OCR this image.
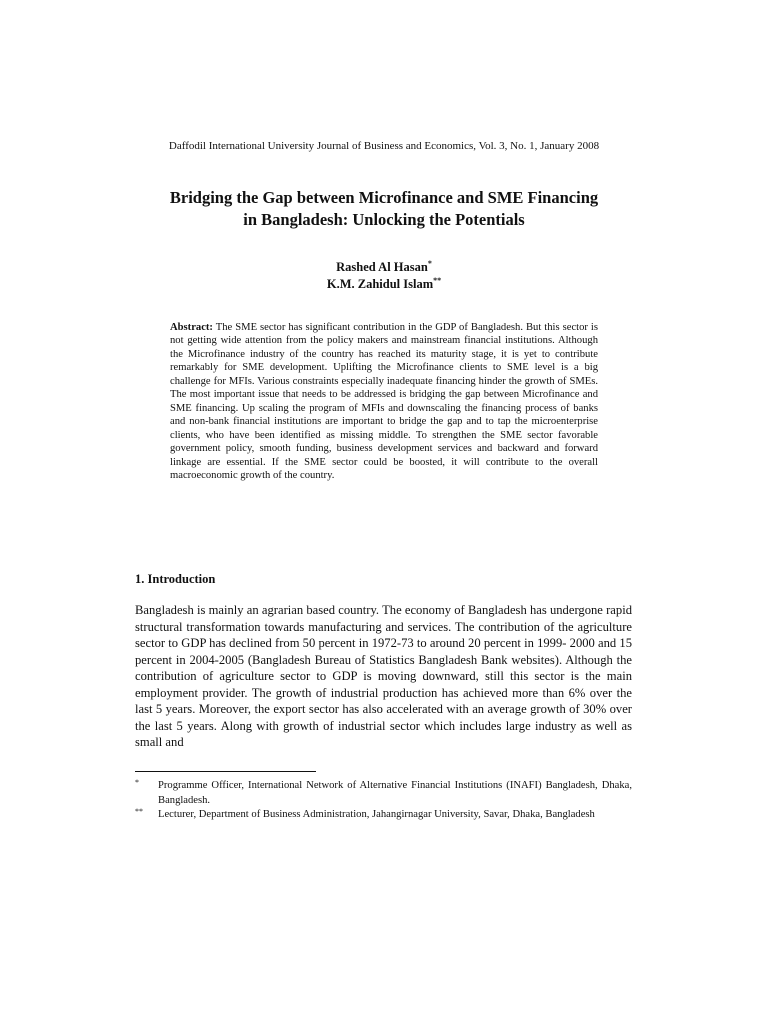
Daffodil International University Journal of Business and Economics, Vol. 3, No. 1, January 2008
Bridging the Gap between Microfinance and SME Financing
in Bangladesh: Unlocking the Potentials
Rashed Al Hasan*
K.M. Zahidul Islam**
Abstract: The SME sector has significant contribution in the GDP of Bangladesh. But this sector is not getting wide attention from the policy makers and mainstream financial institutions. Although the Microfinance industry of the country has reached its maturity stage, it is yet to contribute remarkably for SME development. Uplifting the Microfinance clients to SME level is a big challenge for MFIs. Various constraints especially inadequate financing hinder the growth of SMEs. The most important issue that needs to be addressed is bridging the gap between Microfinance and SME financing. Up scaling the program of MFIs and downscaling the financing process of banks and non-bank financial institutions are important to bridge the gap and to tap the microenterprise clients, who have been identified as missing middle. To strengthen the SME sector favorable government policy, smooth funding, business development services and backward and forward linkage are essential. If the SME sector could be boosted, it will contribute to the overall macroeconomic growth of the country.
1. Introduction
Bangladesh is mainly an agrarian based country. The economy of Bangladesh has undergone rapid structural transformation towards manufacturing and services. The contribution of the agriculture sector to GDP has declined from 50 percent in 1972-73 to around 20 percent in 1999- 2000 and 15 percent in 2004-2005 (Bangladesh Bureau of Statistics Bangladesh Bank websites). Although the contribution of agriculture sector to GDP is moving downward, still this sector is the main employment provider. The growth of industrial production has achieved more than 6% over the last 5 years. Moreover, the export sector has also accelerated with an average growth of 30% over the last 5 years. Along with growth of industrial sector which includes large industry as well as small and
* Programme Officer, International Network of Alternative Financial Institutions (INAFI) Bangladesh, Dhaka, Bangladesh.
** Lecturer, Department of Business Administration, Jahangirnagar University, Savar, Dhaka, Bangladesh
